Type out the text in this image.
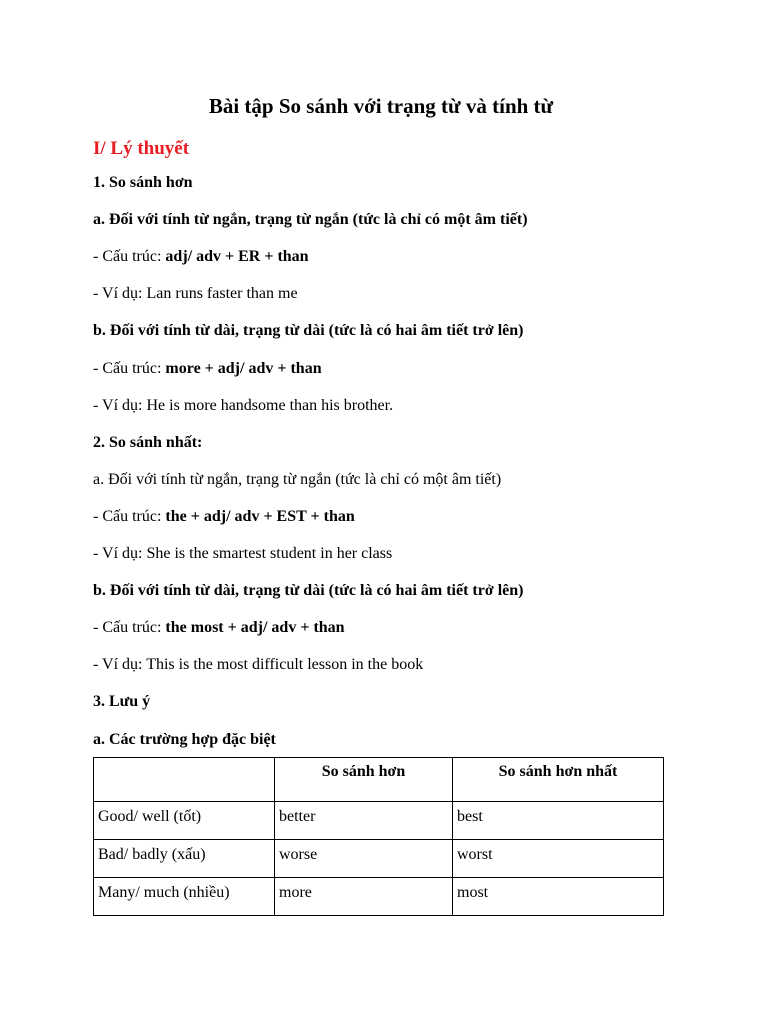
Bài tập So sánh với trạng từ và tính từ
I/ Lý thuyết
1. So sánh hơn
a. Đối với tính từ ngắn, trạng từ ngắn (tức là chỉ có một âm tiết)
- Cấu trúc: adj/ adv + ER + than
- Ví dụ: Lan runs faster than me
b. Đối với tính từ dài, trạng từ dài (tức là có hai âm tiết trở lên)
- Cấu trúc: more + adj/ adv + than
- Ví dụ: He is more handsome than his brother.
2. So sánh nhất:
a. Đối với tính từ ngắn, trạng từ ngắn (tức là chỉ có một âm tiết)
- Cấu trúc: the + adj/ adv + EST + than
- Ví dụ: She is the smartest student in her class
b. Đối với tính từ dài, trạng từ dài (tức là có hai âm tiết trở lên)
- Cấu trúc: the most + adj/ adv + than
- Ví dụ: This is the most difficult lesson in the book
3. Lưu ý
a. Các trường hợp đặc biệt
	So sánh hơn	So sánh hơn nhất
Good/ well (tốt)	better	best
Bad/ badly (xấu)	worse	worst
Many/ much (nhiều)	more	most
